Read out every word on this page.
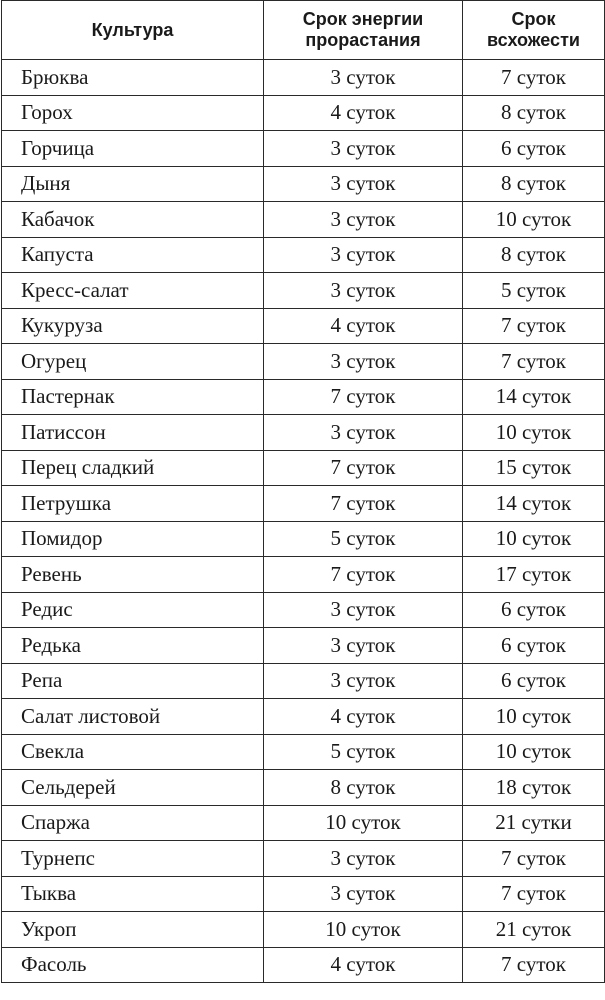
Культура	Срок энергии прорастания	Срок всхожести
Брюква	3 суток	7 суток
Горох	4 суток	8 суток
Горчица	3 суток	6 суток
Дыня	3 суток	8 суток
Кабачок	3 суток	10 суток
Капуста	3 суток	8 суток
Кресс-салат	3 суток	5 суток
Кукуруза	4 суток	7 суток
Огурец	3 суток	7 суток
Пастернак	7 суток	14 суток
Патиссон	3 суток	10 суток
Перец сладкий	7 суток	15 суток
Петрушка	7 суток	14 суток
Помидор	5 суток	10 суток
Ревень	7 суток	17 суток
Редис	3 суток	6 суток
Редька	3 суток	6 суток
Репа	3 суток	6 суток
Салат листовой	4 суток	10 суток
Свекла	5 суток	10 суток
Сельдерей	8 суток	18 суток
Спаржа	10 суток	21 сутки
Турнепс	3 суток	7 суток
Тыква	3 суток	7 суток
Укроп	10 суток	21 суток
Фасоль	4 суток	7 суток
